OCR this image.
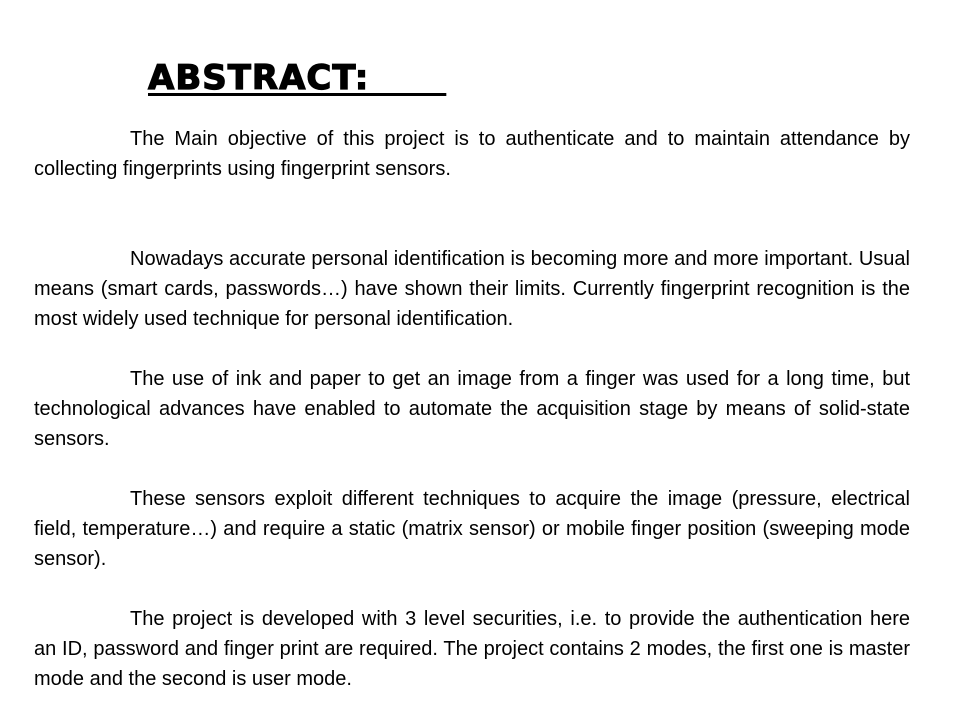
ABSTRACT:

The Main objective of this project is to authenticate and to maintain attendance by collecting fingerprints using fingerprint sensors.

Nowadays accurate personal identification is becoming more and more important. Usual means (smart cards, passwords…) have shown their limits. Currently fingerprint recognition is the most widely used technique for personal identification.

The use of ink and paper to get an image from a finger was used for a long time, but technological advances have enabled to automate the acquisition stage by means of solid-state sensors.

These sensors exploit different techniques to acquire the image (pressure, electrical field, temperature…) and require a static (matrix sensor) or mobile finger position (sweeping mode sensor).

The project is developed with 3 level securities, i.e. to provide the authentication here an ID, password and finger print are required. The project contains 2 modes, the first one is master mode and the second is user mode.
